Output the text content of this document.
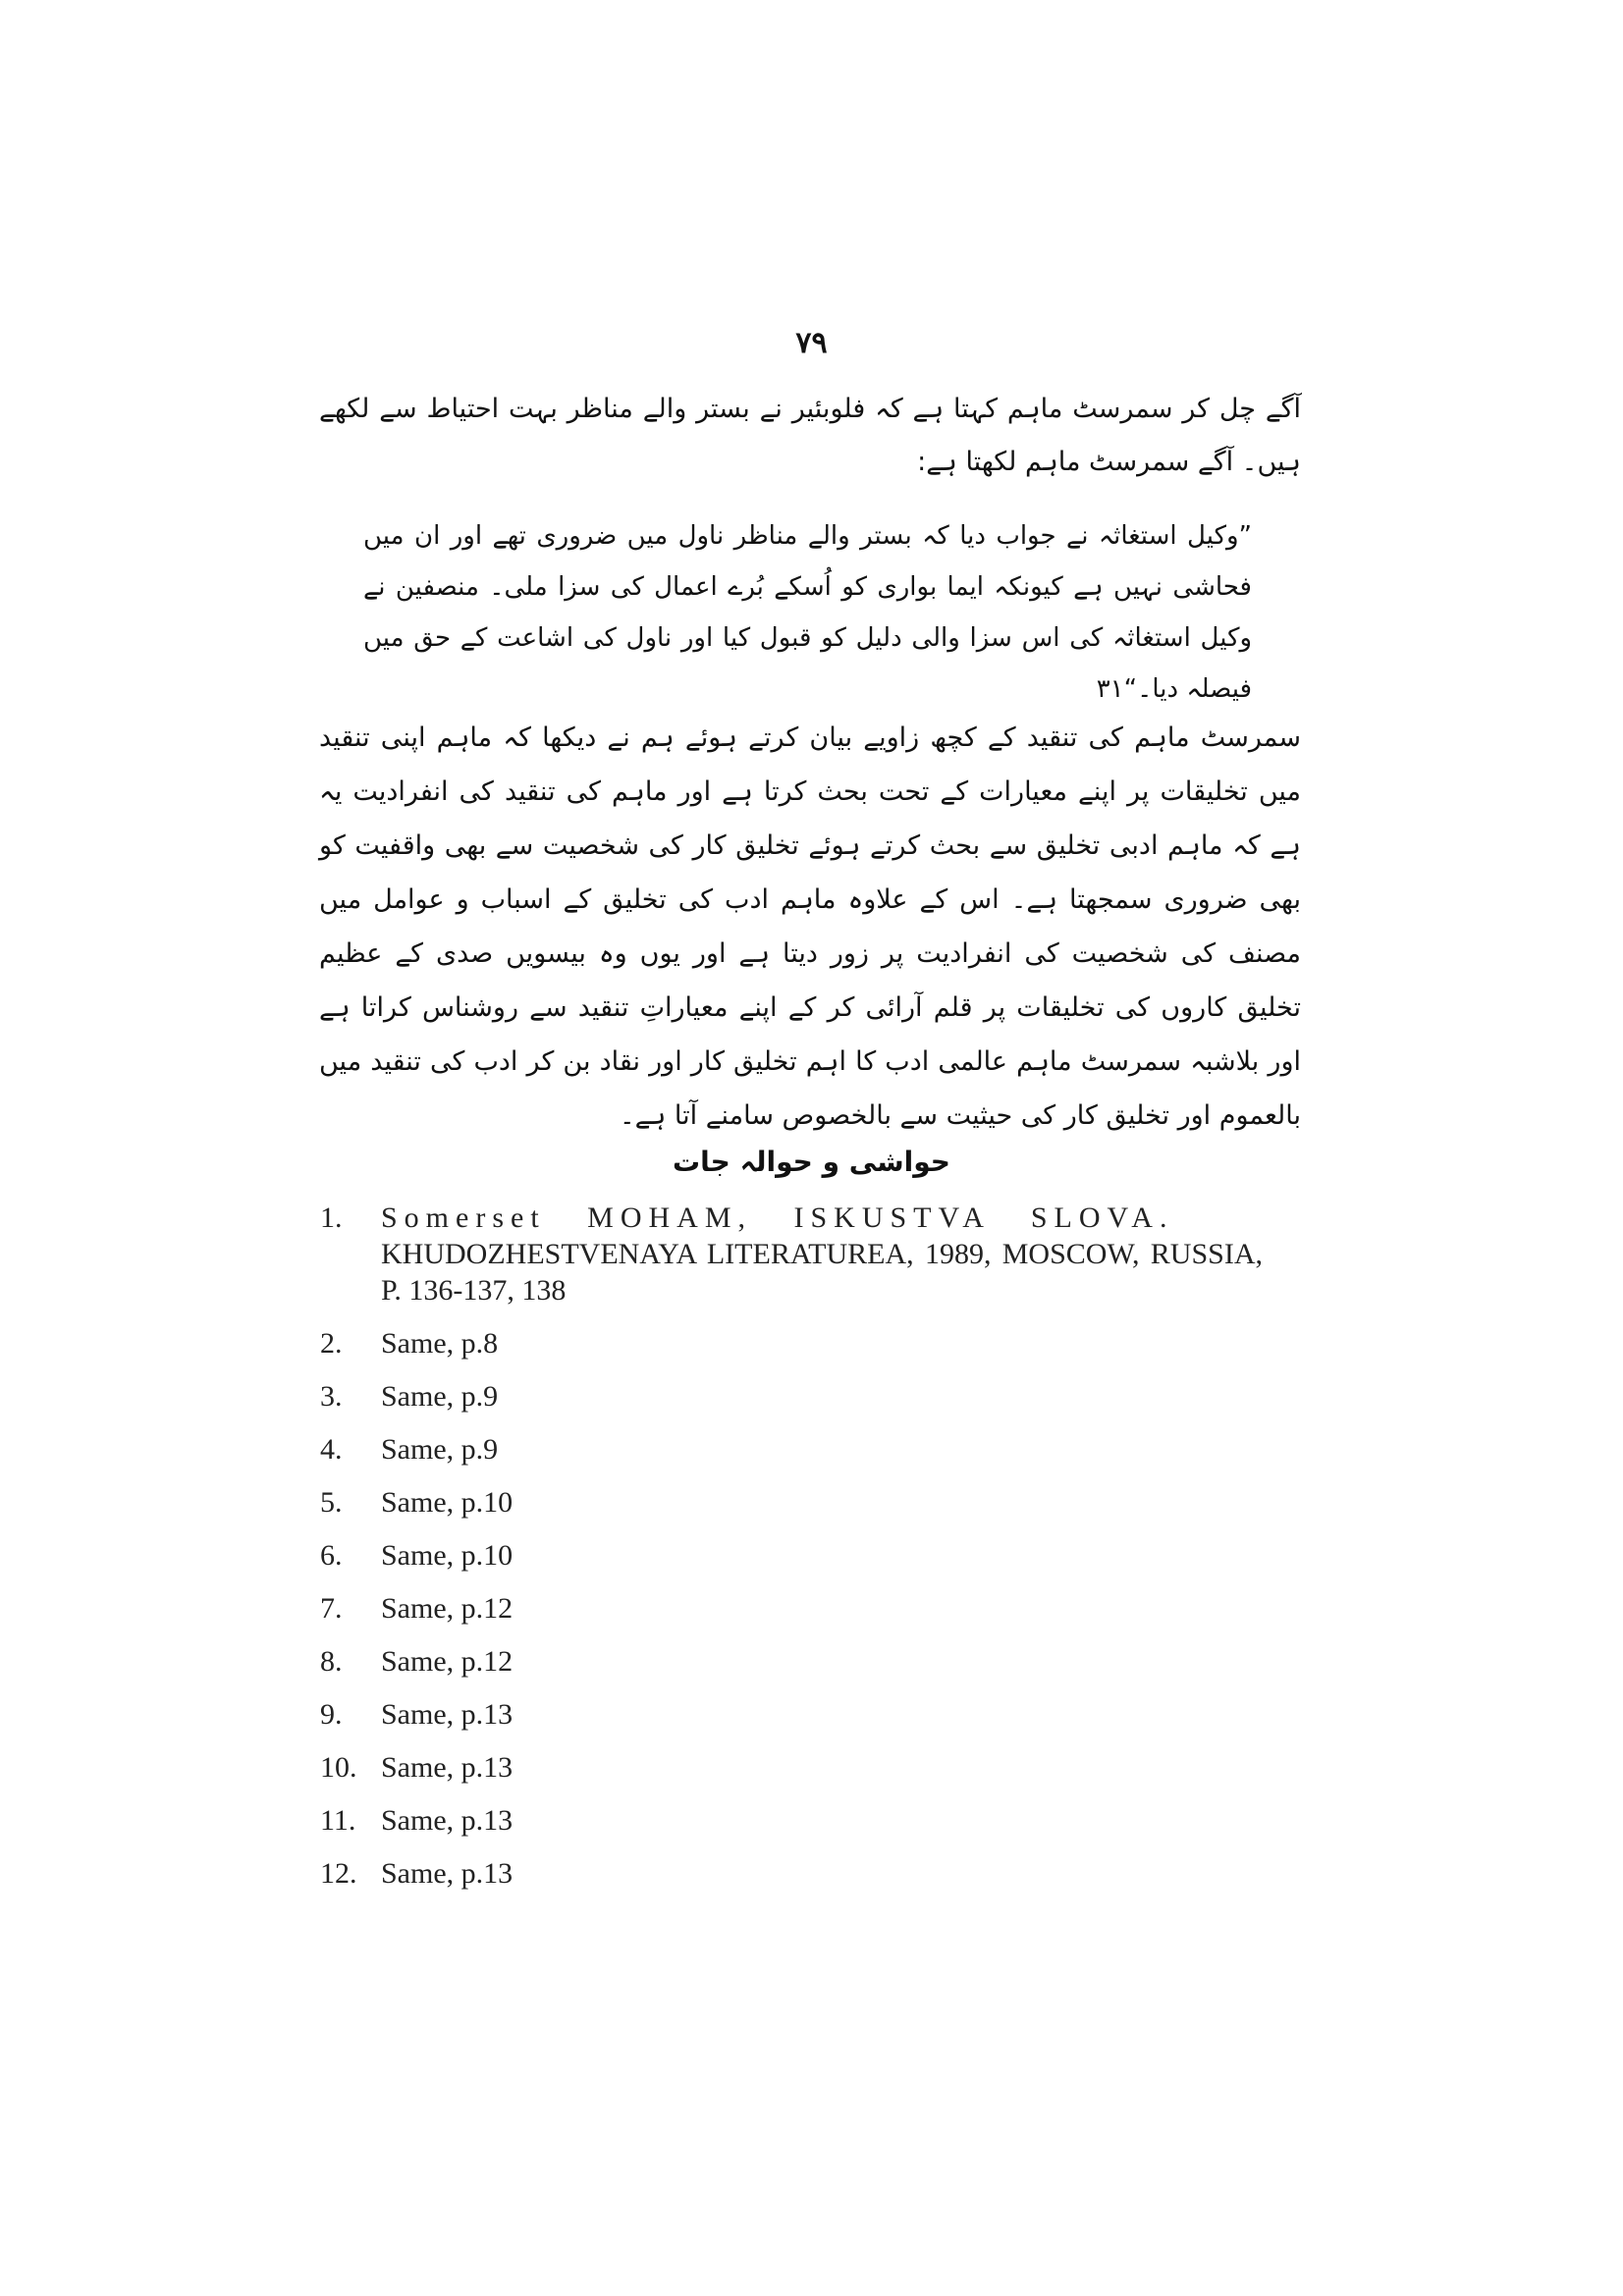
۷۹
آگے چل کر سمرسٹ ماہم کہتا ہے کہ فلوبئیر نے بستر والے مناظر بہت احتیاط سے لکھے ہیں۔ آگے سمرسٹ ماہم لکھتا ہے:
”وکیل استغاثہ نے جواب دیا کہ بستر والے مناظر ناول میں ضروری تھے اور ان میں فحاشی نہیں ہے کیونکہ ایما بواری کو اُسکے بُرے اعمال کی سزا ملی۔ منصفین نے وکیل استغاثہ کی اس سزا والی دلیل کو قبول کیا اور ناول کی اشاعت کے حق میں فیصلہ دیا۔“۳۱
سمرسٹ ماہم کی تنقید کے کچھ زاویے بیان کرتے ہوئے ہم نے دیکھا کہ ماہم اپنی تنقید میں تخلیقات پر اپنے معیارات کے تحت بحث کرتا ہے اور ماہم کی تنقید کی انفرادیت یہ ہے کہ ماہم ادبی تخلیق سے بحث کرتے ہوئے تخلیق کار کی شخصیت سے بھی واقفیت کو بھی ضروری سمجھتا ہے۔ اس کے علاوہ ماہم ادب کی تخلیق کے اسباب و عوامل میں مصنف کی شخصیت کی انفرادیت پر زور دیتا ہے اور یوں وہ بیسویں صدی کے عظیم تخلیق کاروں کی تخلیقات پر قلم آرائی کر کے اپنے معیاراتِ تنقید سے روشناس کراتا ہے اور بلاشبہ سمرسٹ ماہم عالمی ادب کا اہم تخلیق کار اور نقاد بن کر ادب کی تنقید میں بالعموم اور تخلیق کار کی حیثیت سے بالخصوص سامنے آتا ہے۔
حواشی و حوالہ جات
1.	Somerset MOHAM, ISKUSTVA SLOVA.
KHUDOZHESTVENAYA LITERATUREA, 1989, MOSCOW, RUSSIA, P. 136-137, 138
2.	Same, p.8
3.	Same, p.9
4.	Same, p.9
5.	Same, p.10
6.	Same, p.10
7.	Same, p.12
8.	Same, p.12
9.	Same, p.13
10. Same, p.13
11. Same, p.13
12. Same, p.13
